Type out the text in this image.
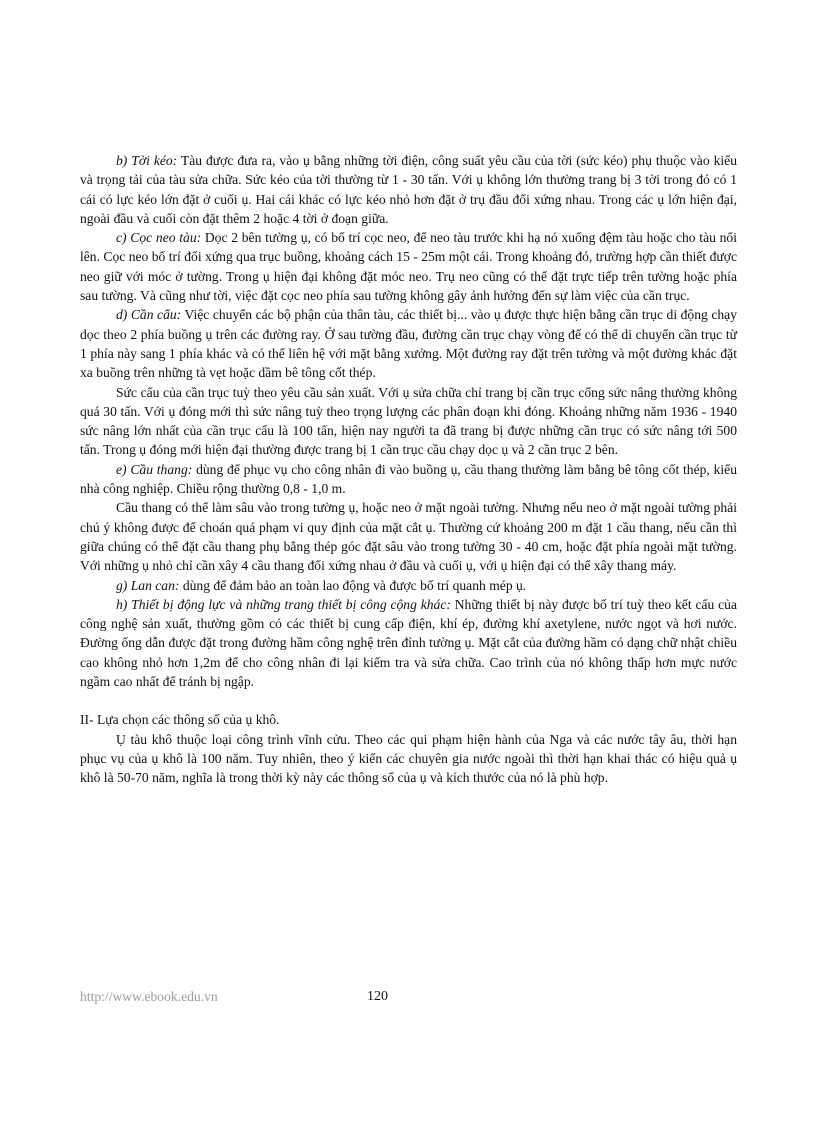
b) Tời kéo: Tàu được đưa ra, vào ụ bằng những tời điện, công suất yêu cầu của tời (sức kéo) phụ thuộc vào kiểu và trọng tải của tàu sửa chữa. Sức kéo của tời thường từ 1 - 30 tấn. Với ụ không lớn thường trang bị 3 tời trong đó có 1 cái có lực kéo lớn đặt ở cuối ụ. Hai cái khác có lực kéo nhỏ hơn đặt ở trụ đầu đối xứng nhau. Trong các ụ lớn hiện đại, ngoài đầu và cuối còn đặt thêm 2 hoặc 4 tời ở đoạn giữa.

c) Cọc neo tàu: Dọc 2 bên tường ụ, có bố trí cọc neo, để neo tàu trước khi hạ nó xuống đệm tàu hoặc cho tàu nổi lên. Cọc neo bố trí đối xứng qua trục buồng, khoảng cách 15 - 25m một cái. Trong khoảng đó, trường hợp cần thiết được neo giữ với móc ở tường. Trong ụ hiện đại không đặt móc neo. Trụ neo cũng có thể đặt trực tiếp trên tường hoặc phía sau tường. Và cũng như tời, việc đặt cọc neo phía sau tường không gây ảnh hưởng đến sự làm việc của cần trục.

d) Cần cẩu: Việc chuyển các bộ phận của thân tàu, các thiết bị... vào ụ được thực hiện bằng cần trục di động chạy dọc theo 2 phía buồng ụ trên các đường ray. Ở sau tường đầu, đường cần trục chạy vòng để có thể di chuyển cần trục từ 1 phía này sang 1 phía khác và có thể liên hệ với mặt bằng xưởng. Một đường ray đặt trên tường và một đường khác đặt xa buồng trên những tà vẹt hoặc dầm bê tông cốt thép.

Sức cẩu của cần trục tuỳ theo yêu cầu sản xuất. Với ụ sửa chữa chỉ trang bị cần trục cổng sức nâng thường không quá 30 tấn. Với ụ đóng mới thì sức nâng tuỳ theo trọng lượng các phân đoạn khi đóng. Khoảng những năm 1936 - 1940 sức nâng lớn nhất của cần trục cẩu là 100 tấn, hiện nay người ta đã trang bị được những cần trục có sức nâng tới 500 tấn. Trong ụ đóng mới hiện đại thường được trang bị 1 cần trục cầu chạy dọc ụ và 2 cần trục 2 bên.

e) Cầu thang: dùng để phục vụ cho công nhân đi vào buồng ụ, cầu thang thường làm bằng bê tông cốt thép, kiểu nhà công nghiệp. Chiều rộng thường 0,8 - 1,0 m.

Cầu thang có thể làm sâu vào trong tường ụ, hoặc neo ở mặt ngoài tường. Nhưng nếu neo ở mặt ngoài tường phải chú ý không được để choán quá phạm vi quy định của mặt cắt ụ. Thường cứ khoảng 200 m đặt 1 cầu thang, nếu cần thì giữa chúng có thể đặt cầu thang phụ bằng thép góc đặt sâu vào trong tường 30 - 40 cm, hoặc đặt phía ngoài mặt tường. Với những ụ nhỏ chỉ cần xây 4 cầu thang đối xứng nhau ở đầu và cuối ụ, với ụ hiện đại có thể xây thang máy.

g) Lan can: dùng để đảm bảo an toàn lao động và được bố trí quanh mép ụ.

h) Thiết bị động lực và những trang thiết bị công cộng khác: Những thiết bị này được bố trí tuỳ theo kết cấu của công nghệ sản xuất, thường gồm có các thiết bị cung cấp điện, khí ép, đường khí axetylene, nước ngọt và hơi nước. Đường ống dẫn được đặt trong đường hầm công nghệ trên đỉnh tường ụ. Mặt cắt của đường hầm có dạng chữ nhật chiều cao không nhỏ hơn 1,2m để cho công nhân đi lại kiểm tra và sửa chữa. Cao trình của nó không thấp hơn mực nước ngầm cao nhất để tránh bị ngập.

II- Lựa chọn các thông số của ụ khô.

Ụ tàu khô thuộc loại công trình vĩnh cửu. Theo các qui phạm hiện hành của Nga và các nước tây âu, thời hạn phục vụ của ụ khô là 100 năm. Tuy nhiên, theo ý kiến các chuyên gia nước ngoài thì thời hạn khai thác có hiệu quả ụ khô là 50-70 năm, nghĩa là trong thời kỳ này các thông số của ụ và kích thước của nó là phù hợp.

http://www.ebook.edu.vn	120
